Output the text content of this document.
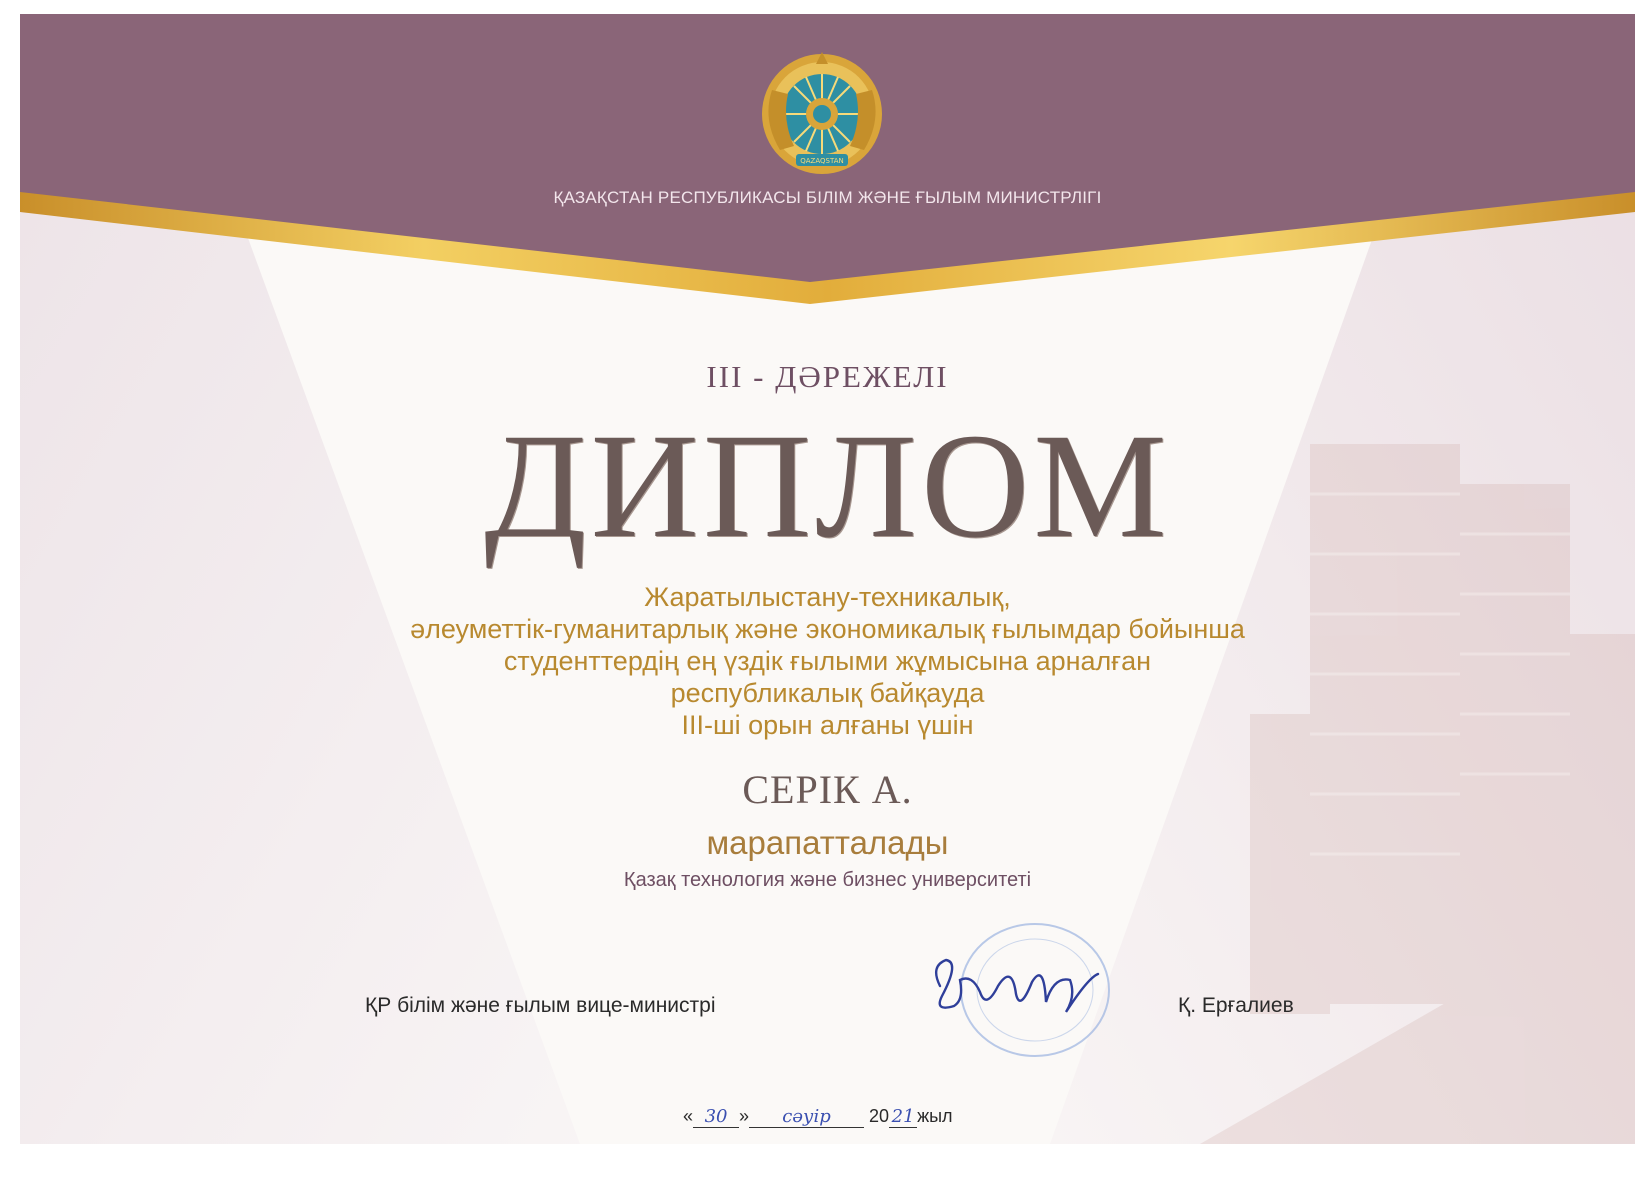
QAZAQSTAN
ҚАЗАҚСТАН РЕСПУБЛИКАСЫ БІЛІМ ЖӘНЕ ҒЫЛЫМ МИНИСТРЛІГІ
III - ДӘРЕЖЕЛІ
ДИПЛОМ
Жаратылыстану-техникалық,
әлеуметтік-гуманитарлық және экономикалық ғылымдар бойынша
студенттердің ең үздік ғылыми жұмысына арналған
республикалық байқауда
ІІІ-ші орын алғаны үшін
СЕРІК А.
марапатталады
Қазақ технология және бизнес университеті
ҚР білім және ғылым вице-министрі	Қ. Ерғалиев
« 30 » сәуір 20 21 жыл
